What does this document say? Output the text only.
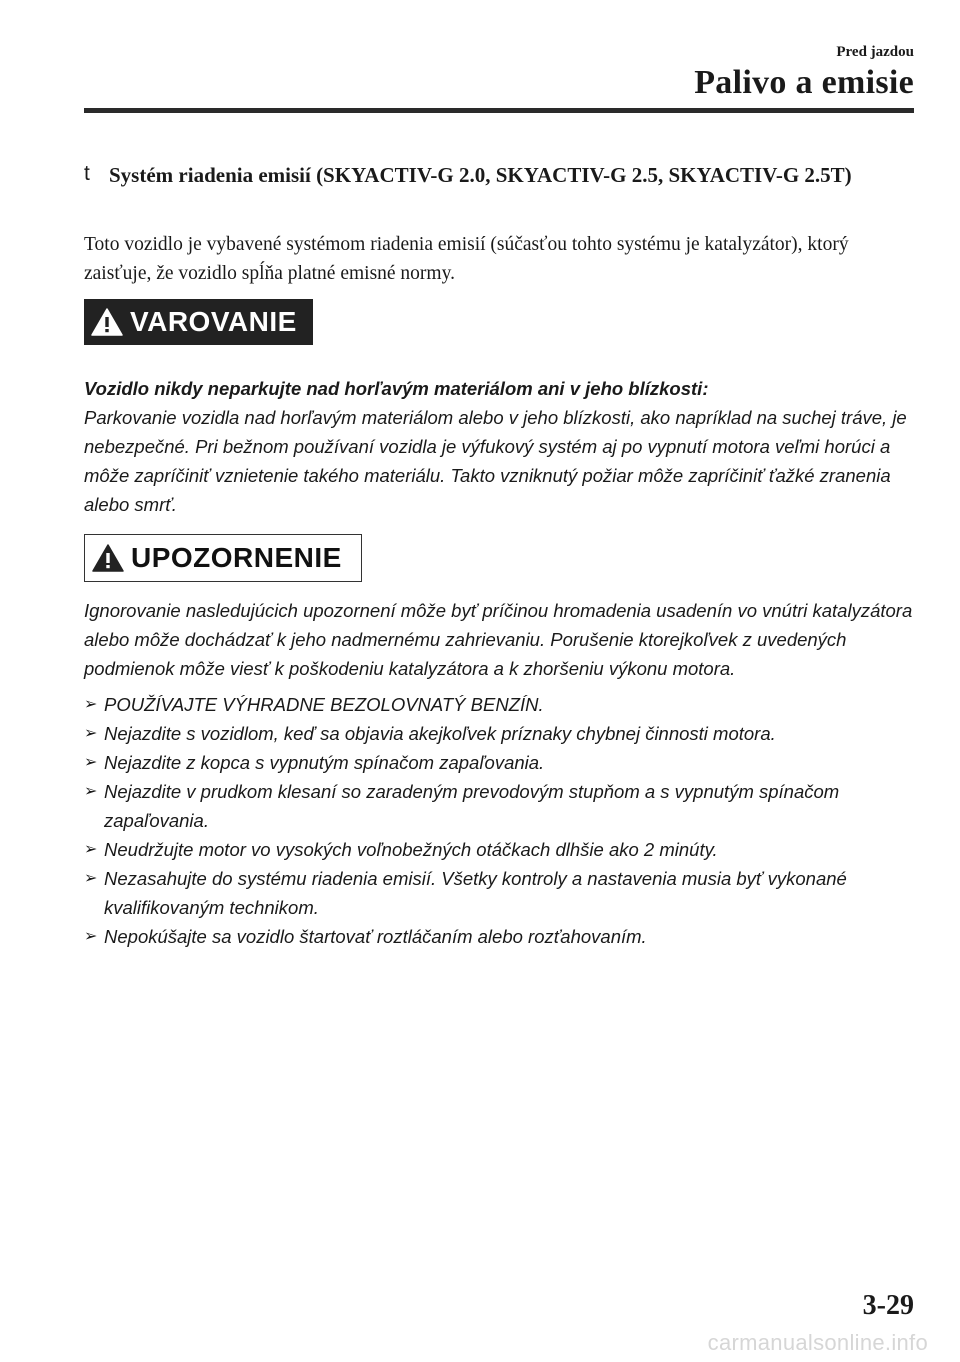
Pred jazdou
Palivo a emisie
t Systém riadenia emisií (SKYACTIV-G 2.0, SKYACTIV-G 2.5, SKYACTIV-G 2.5T)
Toto vozidlo je vybavené systémom riadenia emisií (súčasťou tohto systému je katalyzátor), ktorý zaisťuje, že vozidlo spĺňa platné emisné normy.
VAROVANIE
Vozidlo nikdy neparkujte nad horľavým materiálom ani v jeho blízkosti:
Parkovanie vozidla nad horľavým materiálom alebo v jeho blízkosti, ako napríklad na suchej tráve, je nebezpečné. Pri bežnom používaní vozidla je výfukový systém aj po vypnutí motora veľmi horúci a môže zapríčiniť vznietenie takého materiálu. Takto vzniknutý požiar môže zapríčiniť ťažké zranenia alebo smrť.
UPOZORNENIE
Ignorovanie nasledujúcich upozornení môže byť príčinou hromadenia usadenín vo vnútri katalyzátora alebo môže dochádzať k jeho nadmernému zahrievaniu. Porušenie ktorejkoľvek z uvedených podmienok môže viesť k poškodeniu katalyzátora a k zhoršeniu výkonu motora.
➢ POUŽÍVAJTE VÝHRADNE BEZOLOVNATÝ BENZÍN.
➢ Nejazdite s vozidlom, keď sa objavia akejkoľvek príznaky chybnej činnosti motora.
➢ Nejazdite z kopca s vypnutým spínačom zapaľovania.
➢ Nejazdite v prudkom klesaní so zaradeným prevodovým stupňom a s vypnutým spínačom zapaľovania.
➢ Neudržujte motor vo vysokých voľnobežných otáčkach dlhšie ako 2 minúty.
➢ Nezasahujte do systému riadenia emisií. Všetky kontroly a nastavenia musia byť vykonané kvalifikovaným technikom.
➢ Nepokúšajte sa vozidlo štartovať roztláčaním alebo rozťahovaním.
3-29
carmanualsonline.info
